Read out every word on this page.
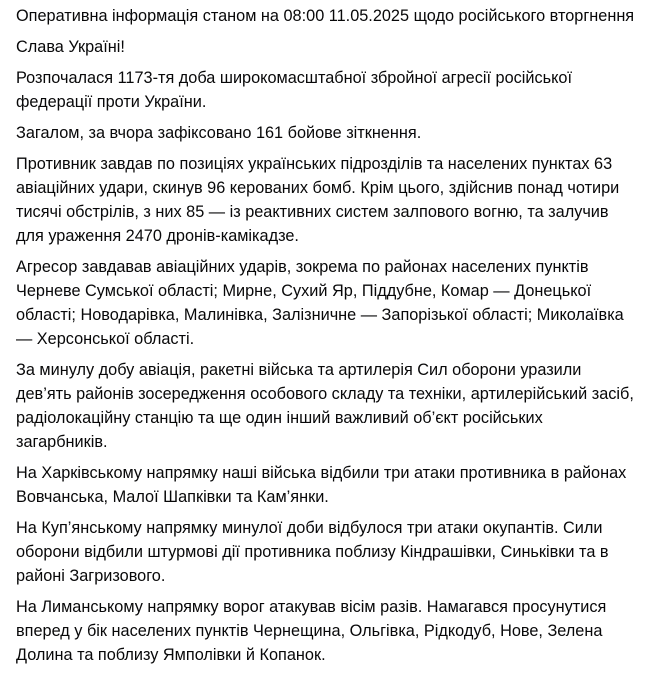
Оперативна інформація станом на 08:00 11.05.2025 щодо російського вторгнення

Слава Україні!

Розпочалася 1173-тя доба широкомасштабної збройної агресії російської
федерації проти України.

Загалом, за вчора зафіксовано 161 бойове зіткнення.

Противник завдав по позиціях українських підрозділів та населених пунктах 63
авіаційних удари, скинув 96 керованих бомб. Крім цього, здійснив понад чотири
тисячі обстрілів, з них 85 — із реактивних систем залпового вогню, та залучив
для ураження 2470 дронів-камікадзе.

Агресор завдавав авіаційних ударів, зокрема по районах населених пунктів
Черневе Сумської області; Мирне, Сухий Яр, Піддубне, Комар — Донецької
області; Новодарівка, Малинівка, Залізничне — Запорізької області; Миколаївка
— Херсонської області.

За минулу добу авіація, ракетні війська та артилерія Сил оборони уразили
дев’ять районів зосередження особового складу та техніки, артилерійський засіб,
радіолокаційну станцію та ще один інший важливий об’єкт російських
загарбників.

На Харківському напрямку наші війська відбили три атаки противника в районах
Вовчанська, Малої Шапківки та Кам’янки.

На Куп’янському напрямку минулої доби відбулося три атаки окупантів. Сили
оборони відбили штурмові дії противника поблизу Кіндрашівки, Синьківки та в
районі Загризового.

На Лиманському напрямку ворог атакував вісім разів. Намагався просунутися
вперед у бік населених пунктів Чернещина, Ольгівка, Рідкодуб, Нове, Зелена
Долина та поблизу Ямполівки й Копанок.
